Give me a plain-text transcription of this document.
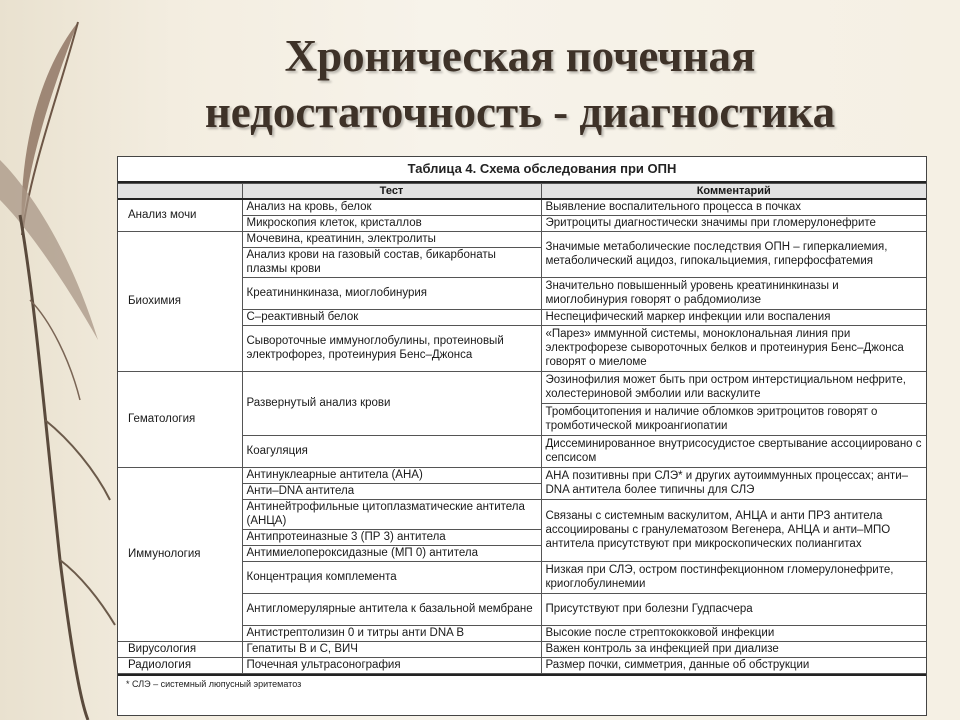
Хроническая почечная
недостаточность - диагностика
Таблица 4. Схема обследования при ОПН
	Тест	Комментарий
Анализ мочи	Анализ на кровь, белок	Выявление воспалительного процесса в почках
	Микроскопия клеток, кристаллов	Эритроциты диагностически значимы при гломерулонефрите
Биохимия	Мочевина, креатинин, электролиты	Значимые метаболические последствия ОПН – гиперкалиемия, метаболический ацидоз, гипокальциемия, гиперфосфатемия
	Анализ крови на газовый состав, бикарбонаты плазмы крови	
	Креатининкиназа, миоглобинурия	Значительно повышенный уровень креатининкиназы и миоглобинурия говорят о рабдомиолизе
	С–реактивный белок	Неспецифический маркер инфекции или воспаления
	Сывороточные иммуноглобулины, протеиновый электрофорез, протеинурия Бенс–Джонса	«Парез» иммунной системы, моноклональная линия при электрофорезе сывороточных белков и протеинурия Бенс–Джонса говорят о миеломе
Гематология	Развернутый анализ крови	Эозинофилия может быть при остром интерстициальном нефрите, холестериновой эмболии или васкулите
		Тромбоцитопения и наличие обломков эритроцитов говорят о тромботической микроангиопатии
	Коагуляция	Диссеминированное внутрисосудистое свертывание ассоциировано с сепсисом
Иммунология	Антинуклеарные антитела (АНА)	АНА позитивны при СЛЭ* и других аутоиммунных процессах; анти– DNA антитела более типичны для СЛЭ
	Анти–DNA антитела	
	Антинейтрофильные цитоплазматические антитела (АНЦА)	Связаны с системным васкулитом, АНЦА и анти ПРЗ антитела ассоциированы с гранулематозом Вегенера, АНЦА и анти–МПО антитела присутствуют при микроскопических полиангитах
	Антипротеиназные 3 (ПР 3) антитела	
	Антимиелопероксидазные (МП 0) антитела	
	Концентрация комплемента	Низкая при СЛЭ, остром постинфекционном гломерулонефрите, криоглобулинемии
	Антигломерулярные антитела к базальной мембране	Присутствуют при болезни Гудпасчера
	Антистрептолизин 0 и титры анти DNA В	Высокие после стрептококковой инфекции
Вирусология	Гепатиты В и С, ВИЧ	Важен контроль за инфекцией при диализе
Радиология	Почечная ультрасонография	Размер почки, симметрия, данные об обструкции
* СЛЭ – системный люпусный эритематоз
